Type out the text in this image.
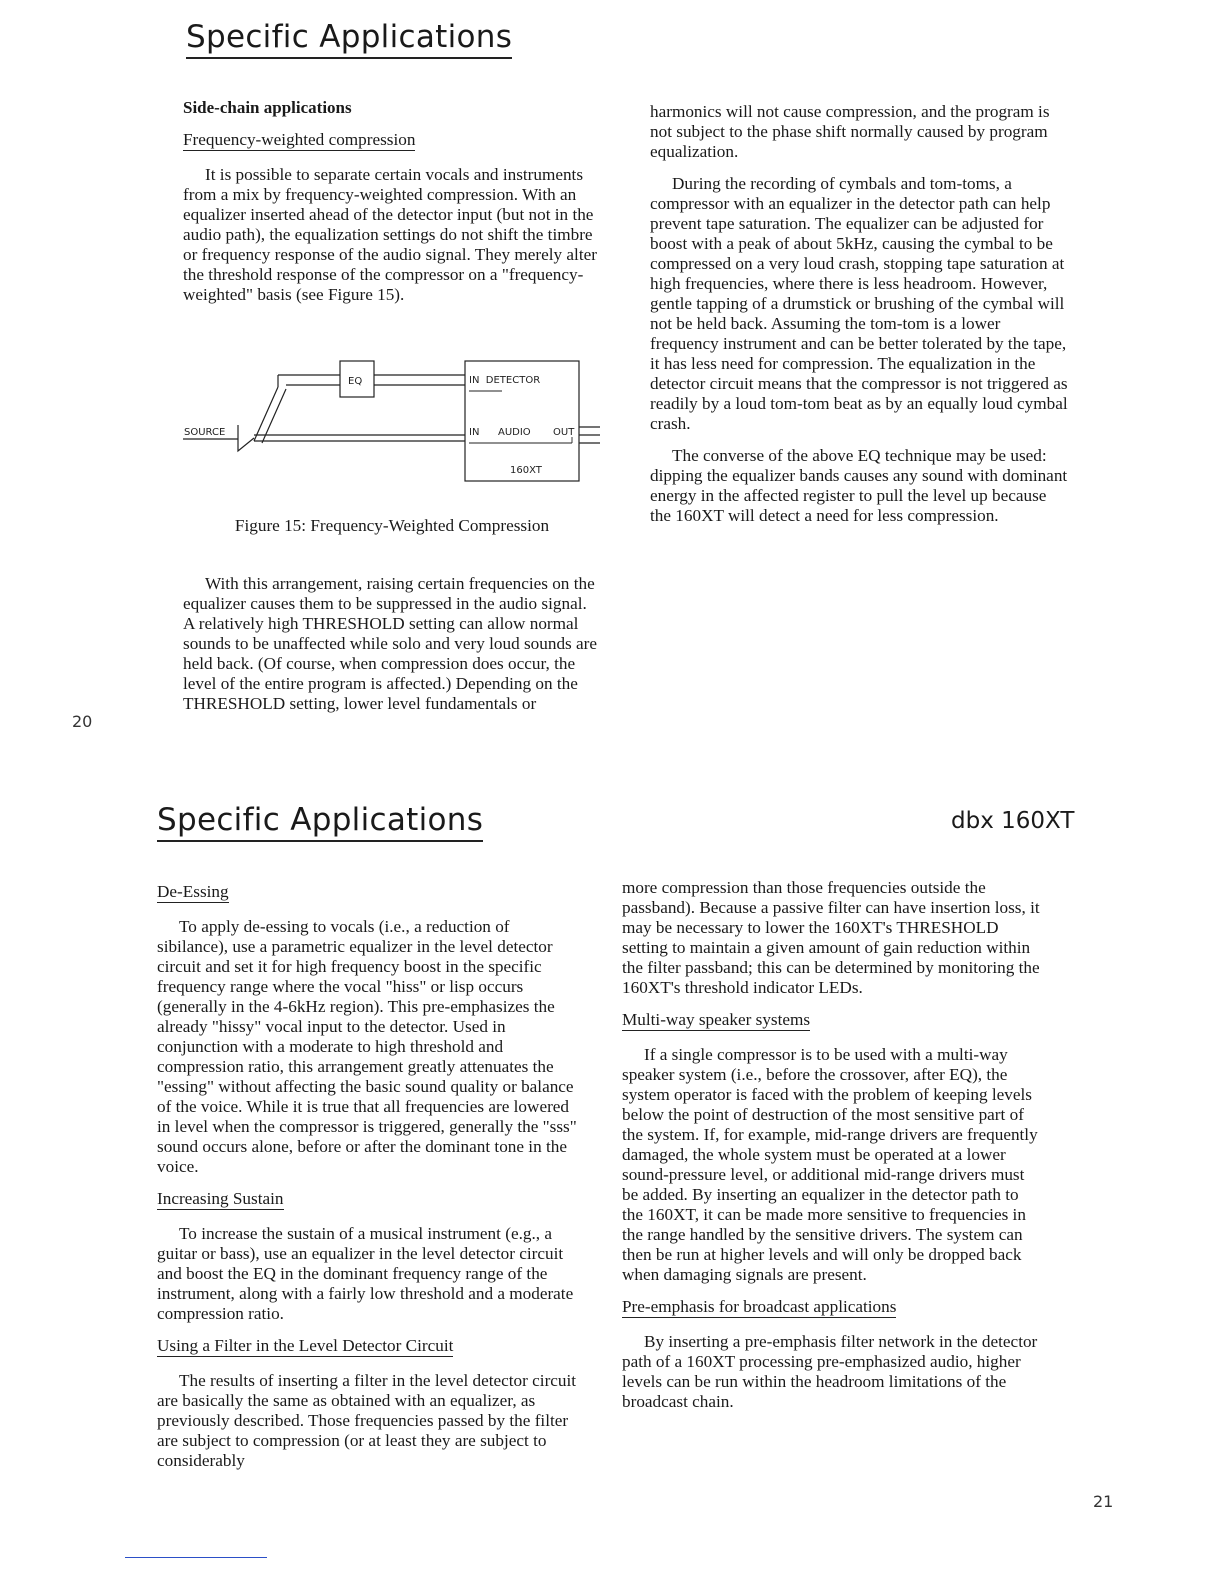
Specific Applications
Side-chain applications
Frequency-weighted compression

It is possible to separate certain vocals and instruments from a mix by frequency-weighted compression. With an equalizer inserted ahead of the detector input (but not in the audio path), the equalization settings do not shift the timbre or frequency response of the audio signal. They merely alter the threshold response of the compressor on a "frequency-weighted" basis (see Figure 15).

SOURCE
EQ	IN  DETECTOR
IN AUDIO OUT
160XT
Figure 15: Frequency-Weighted Compression

With this arrangement, raising certain frequencies on the equalizer causes them to be suppressed in the audio signal. A relatively high THRESHOLD setting can allow normal sounds to be unaffected while solo and very loud sounds are held back. (Of course, when compression does occur, the level of the entire program is affected.) Depending on the THRESHOLD setting, lower level fundamentals or

20

harmonics will not cause compression, and the program is not subject to the phase shift normally caused by program equalization.

During the recording of cymbals and tom-toms, a compressor with an equalizer in the detector path can help prevent tape saturation. The equalizer can be adjusted for boost with a peak of about 5kHz, causing the cymbal to be compressed on a very loud crash, stopping tape saturation at high frequencies, where there is less headroom. However, gentle tapping of a drumstick or brushing of the cymbal will not be held back. Assuming the tom-tom is a lower frequency instrument and can be better tolerated by the tape, it has less need for compression. The equalization in the detector circuit means that the compressor is not triggered as readily by a loud tom-tom beat as by an equally loud cymbal crash.

The converse of the above EQ technique may be used: dipping the equalizer bands causes any sound with dominant energy in the affected register to pull the level up because the 160XT will detect a need for less compression.

Specific Applications	dbx 160XT
De-Essing

To apply de-essing to vocals (i.e., a reduction of sibilance), use a parametric equalizer in the level detector circuit and set it for high frequency boost in the specific frequency range where the vocal "hiss" or lisp occurs (generally in the 4-6kHz region). This pre-emphasizes the already "hissy" vocal input to the detector. Used in conjunction with a moderate to high threshold and compression ratio, this arrangement greatly attenuates the "essing" without affecting the basic sound quality or balance of the voice. While it is true that all frequencies are lowered in level when the compressor is triggered, generally the "sss" sound occurs alone, before or after the dominant tone in the voice.

Increasing Sustain

To increase the sustain of a musical instrument (e.g., a guitar or bass), use an equalizer in the level detector circuit and boost the EQ in the dominant frequency range of the instrument, along with a fairly low threshold and a moderate compression ratio.

Using a Filter in the Level Detector Circuit

The results of inserting a filter in the level detector circuit are basically the same as obtained with an equalizer, as previously described. Those frequencies passed by the filter are subject to compression (or at least they are subject to considerably

more compression than those frequencies outside the passband). Because a passive filter can have insertion loss, it may be necessary to lower the 160XT's THRESHOLD setting to maintain a given amount of gain reduction within the filter passband; this can be determined by monitoring the 160XT's threshold indicator LEDs.

Multi-way speaker systems

If a single compressor is to be used with a multi-way speaker system (i.e., before the crossover, after EQ), the system operator is faced with the problem of keeping levels below the point of destruction of the most sensitive part of the system. If, for example, mid-range drivers are frequently damaged, the whole system must be operated at a lower sound-pressure level, or additional mid-range drivers must be added. By inserting an equalizer in the detector path to the 160XT, it can be made more sensitive to frequencies in the range handled by the sensitive drivers. The system can then be run at higher levels and will only be dropped back when damaging signals are present.

Pre-emphasis for broadcast applications

By inserting a pre-emphasis filter network in the detector path of a 160XT processing pre-emphasized audio, higher levels can be run within the headroom limitations of the broadcast chain.

21
